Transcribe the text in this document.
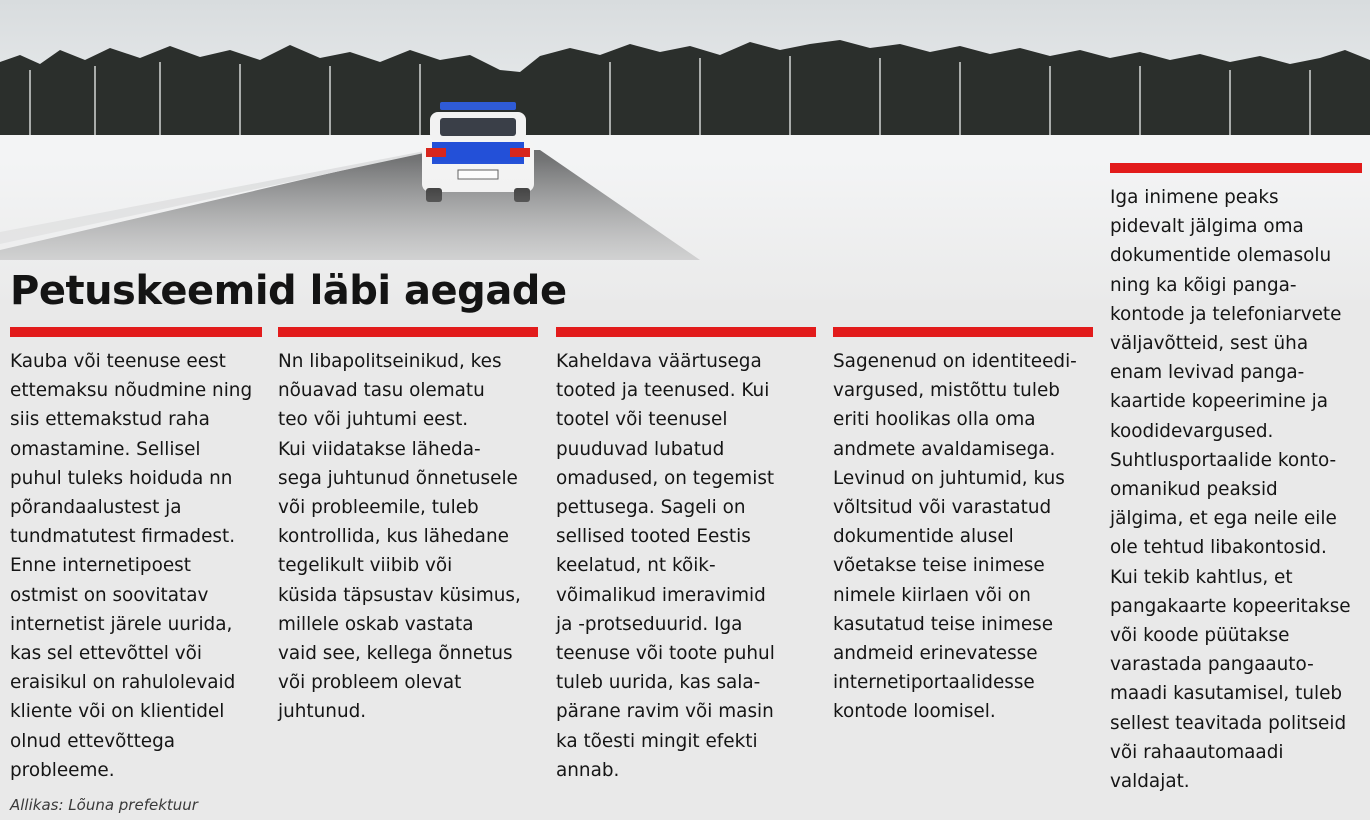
Petuskeemid läbi aegade

Kauba või teenuse eest
ettemaksu nõudmine ning
siis ettemakstud raha
omastamine. Sellisel
puhul tuleks hoiduda nn
põrandaalustest ja
tundmatutest firmadest.
Enne internetipoest
ostmist on soovitatav
internetist järele uurida,
kas sel ettevõttel või
eraisikul on rahulolevaid
kliente või on klientidel
olnud ettevõttega
probleeme.

Nn libapolitseinikud, kes
nõuavad tasu olematu
teo või juhtumi eest.
Kui viidatakse läheda-
sega juhtunud õnnetusele
või probleemile, tuleb
kontrollida, kus lähedane
tegelikult viibib või
küsida täpsustav küsimus,
millele oskab vastata
vaid see, kellega õnnetus
või probleem olevat
juhtunud.

Kaheldava väärtusega
tooted ja teenused. Kui
tootel või teenusel
puuduvad lubatud
omadused, on tegemist
pettusega. Sageli on
sellised tooted Eestis
keelatud, nt kõik-
võimalikud imeravimid
ja -protseduurid. Iga
teenuse või toote puhul
tuleb uurida, kas sala-
pärane ravim või masin
ka tõesti mingit efekti
annab.

Sagenenud on identiteedi-
vargused, mistõttu tuleb
eriti hoolikas olla oma
andmete avaldamisega.
Levinud on juhtumid, kus
võltsitud või varastatud
dokumentide alusel
võetakse teise inimese
nimele kiirlaen või on
kasutatud teise inimese
andmeid erinevatesse
internetiportaalidesse
kontode loomisel.

Iga inimene peaks
pidevalt jälgima oma
dokumentide olemasolu
ning ka kõigi panga-
kontode ja telefoniarvete
väljavõtteid, sest üha
enam levivad panga-
kaartide kopeerimine ja
koodidevargused.
Suhtlusportaalide konto-
omanikud peaksid
jälgima, et ega neile eile
ole tehtud libakontosid.
Kui tekib kahtlus, et
pangakaarte kopeeritakse
või koode püütakse
varastada pangaauto-
maadi kasutamisel, tuleb
sellest teavitada politseid
või rahaautomaadi
valdajat.

Allikas: Lõuna prefektuur
